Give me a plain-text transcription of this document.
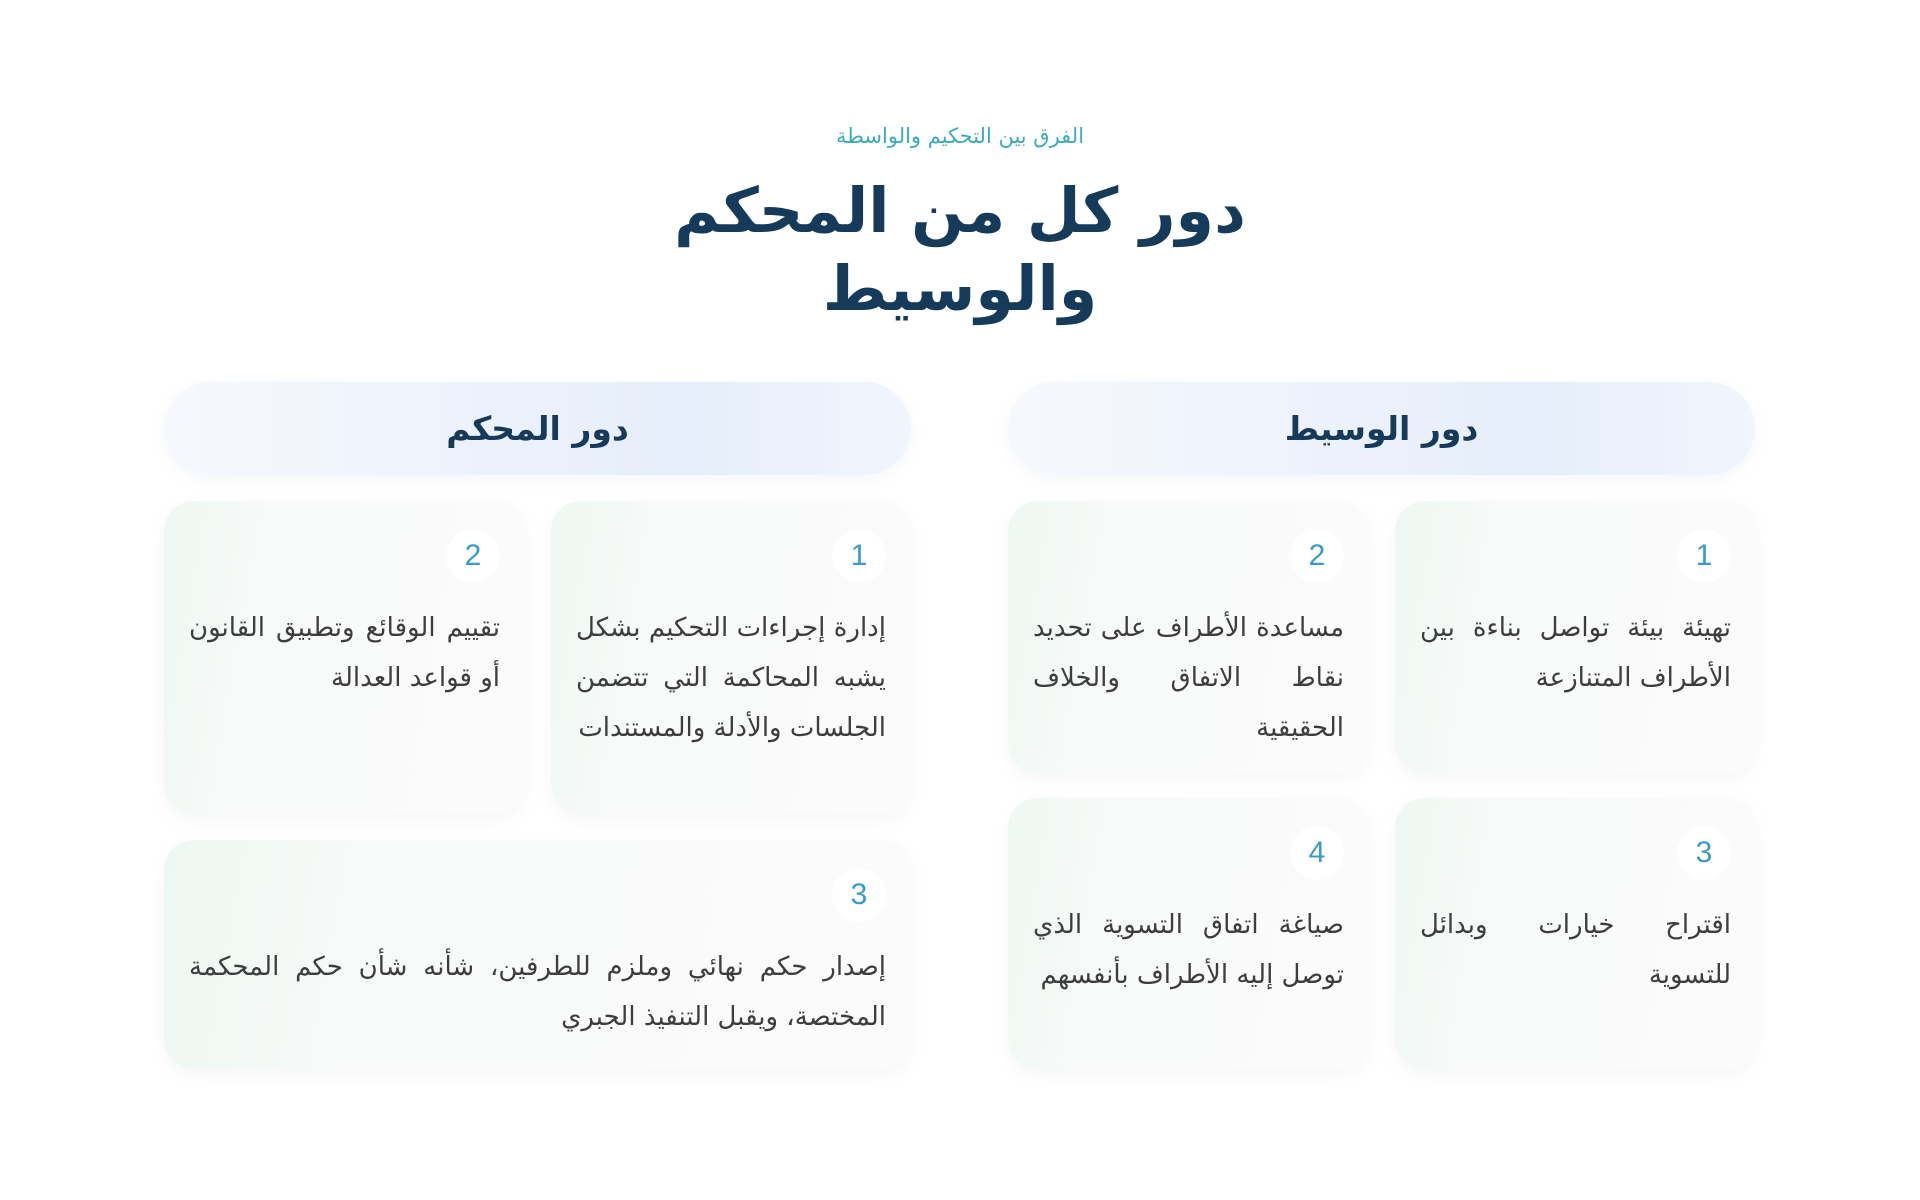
الفرق بين التحكيم والواسطة
دور كل من المحكم
والوسيط
دور الوسيط
1
تهيئة بيئة تواصل بناءة بين الأطراف المتنازعة
2
مساعدة الأطراف على تحديد نقاط الاتفاق والخلاف الحقيقية
3
اقتراح خيارات وبدائل للتسوية
4
صياغة اتفاق التسوية الذي توصل إليه الأطراف بأنفسهم
دور المحكم
1
إدارة إجراءات التحكيم بشكل يشبه المحاكمة التي تتضمن الجلسات والأدلة والمستندات
2
تقييم الوقائع وتطبيق القانون أو قواعد العدالة
3
إصدار حكم نهائي وملزم للطرفين، شأنه شأن حكم المحكمة المختصة، ويقبل التنفيذ الجبري
